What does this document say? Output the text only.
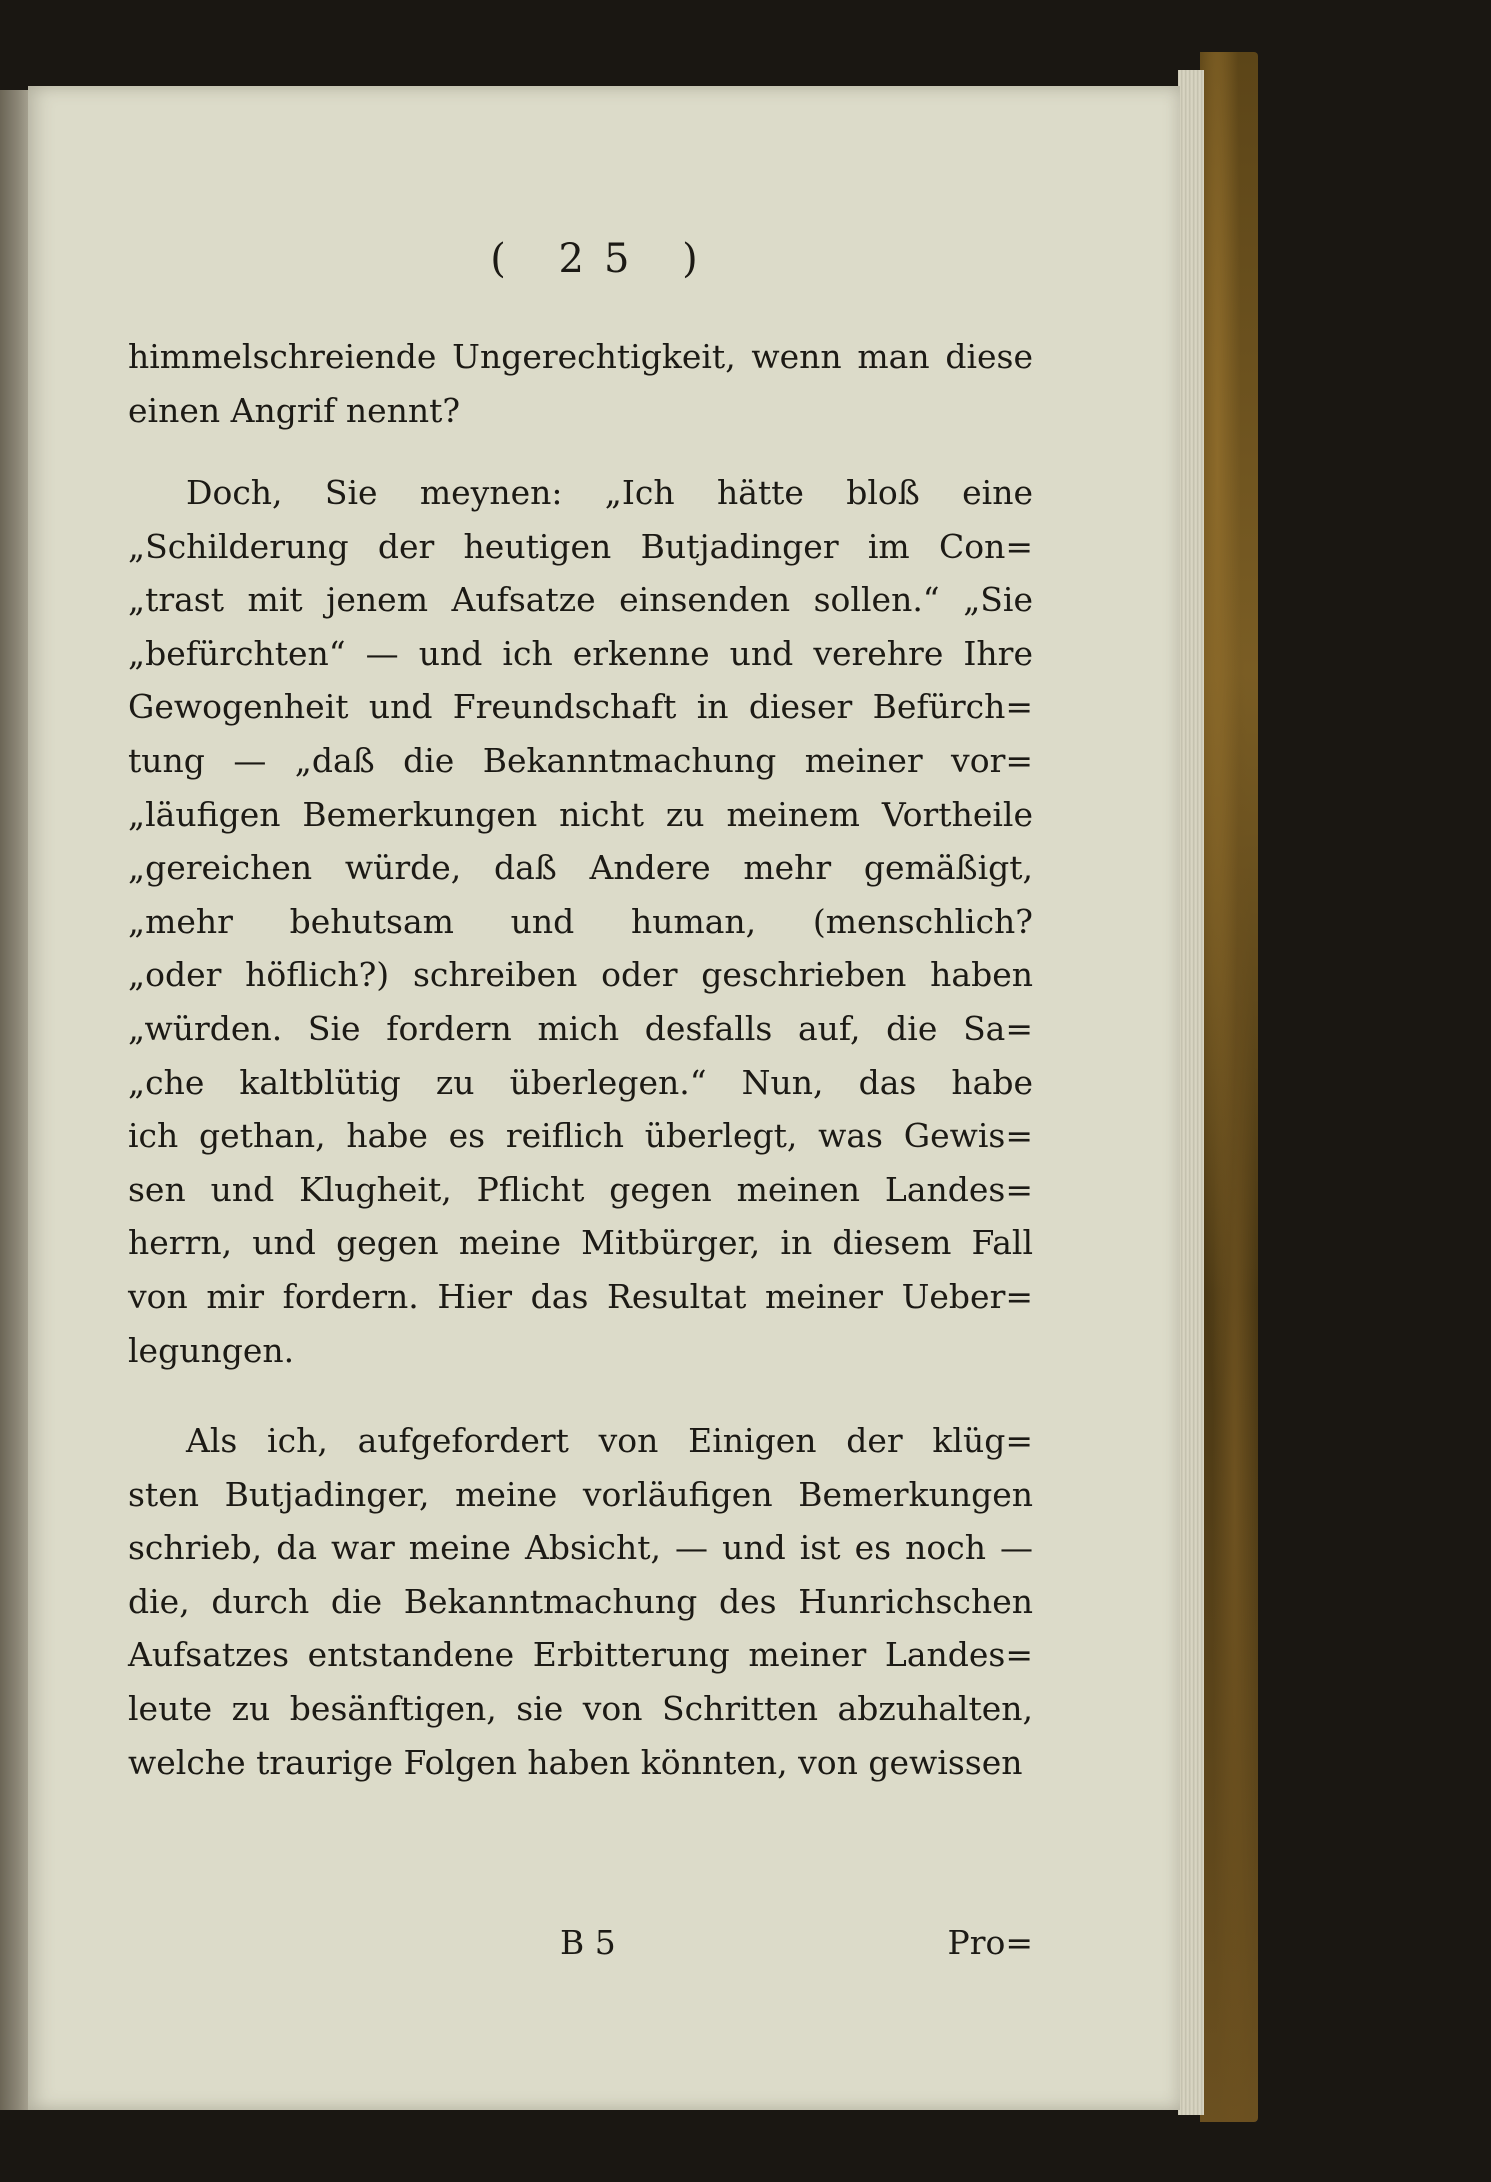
( 25 )
himmelschreiende Ungerechtigkeit, wenn man diese
einen Angrif nennt?
Doch, Sie meynen: „Ich hätte bloß eine
„Schilderung der heutigen Butjadinger im Con=
„trast mit jenem Aufsatze einsenden sollen.“ „Sie
„befürchten“ — und ich erkenne und verehre Ihre
Gewogenheit und Freundschaft in dieser Befürch=
tung — „daß die Bekanntmachung meiner vor=
„läufigen Bemerkungen nicht zu meinem Vortheile
„gereichen würde, daß Andere mehr gemäßigt,
„mehr behutsam und human, (menschlich?
„oder höflich?) schreiben oder geschrieben haben
„würden. Sie fordern mich desfalls auf, die Sa=
„che kaltblütig zu überlegen.“ Nun, das habe
ich gethan, habe es reiflich überlegt, was Gewis=
sen und Klugheit, Pflicht gegen meinen Landes=
herrn, und gegen meine Mitbürger, in diesem Fall
von mir fordern. Hier das Resultat meiner Ueber=
legungen.
Als ich, aufgefordert von Einigen der klüg=
sten Butjadinger, meine vorläufigen Bemerkungen
schrieb, da war meine Absicht, — und ist es noch —
die, durch die Bekanntmachung des Hunrichschen
Aufsatzes entstandene Erbitterung meiner Landes=
leute zu besänftigen, sie von Schritten abzuhalten,
welche traurige Folgen haben könnten, von gewissen
B 5	Pro=
